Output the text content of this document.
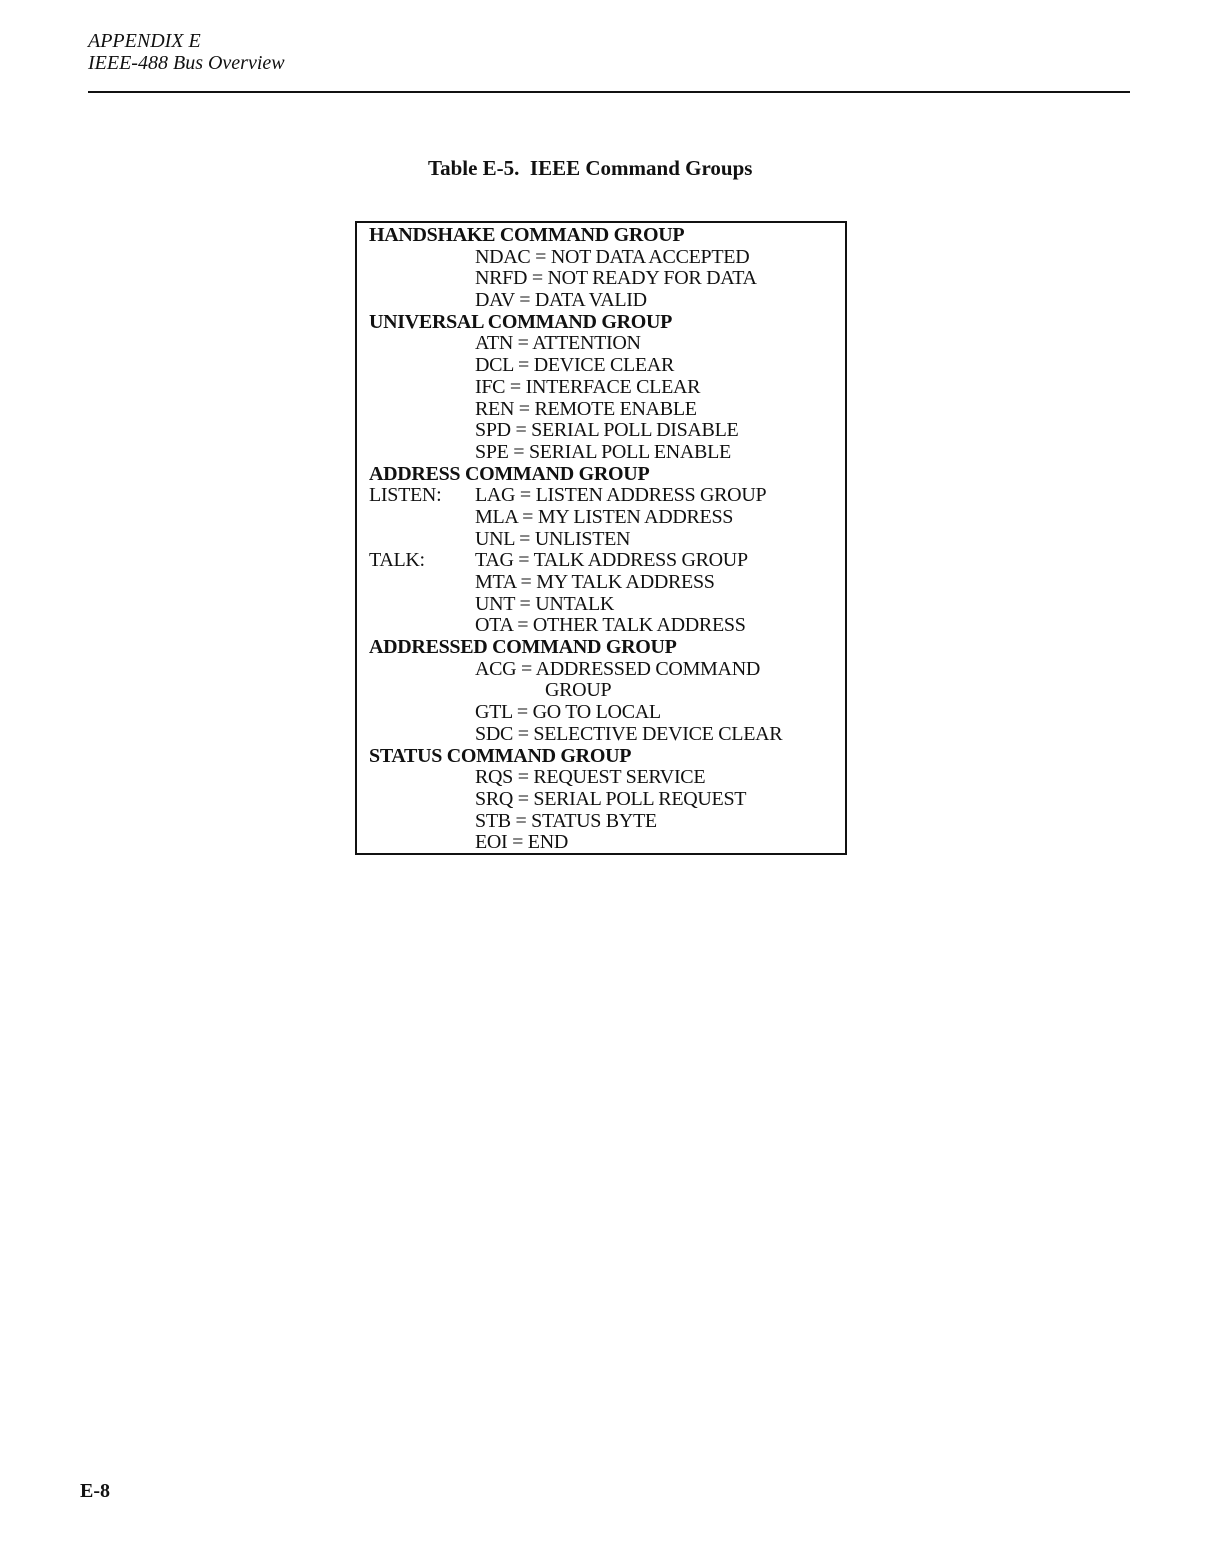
APPENDIX E
IEEE-488 Bus Overview
Table E-5. IEEE Command Groups
HANDSHAKE COMMAND GROUP
NDAC = NOT DATA ACCEPTED
NRFD = NOT READY FOR DATA
DAV = DATA VALID
UNIVERSAL COMMAND GROUP
ATN = ATTENTION
DCL = DEVICE CLEAR
IFC = INTERFACE CLEAR
REN = REMOTE ENABLE
SPD = SERIAL POLL DISABLE
SPE = SERIAL POLL ENABLE
ADDRESS COMMAND GROUP
LISTEN:	LAG = LISTEN ADDRESS GROUP
MLA = MY LISTEN ADDRESS
UNL = UNLISTEN
TALK:	TAG = TALK ADDRESS GROUP
MTA = MY TALK ADDRESS
UNT = UNTALK
OTA = OTHER TALK ADDRESS
ADDRESSED COMMAND GROUP
ACG = ADDRESSED COMMAND
GROUP
GTL = GO TO LOCAL
SDC = SELECTIVE DEVICE CLEAR
STATUS COMMAND GROUP
RQS = REQUEST SERVICE
SRQ = SERIAL POLL REQUEST
STB = STATUS BYTE
EOI = END
E-8
